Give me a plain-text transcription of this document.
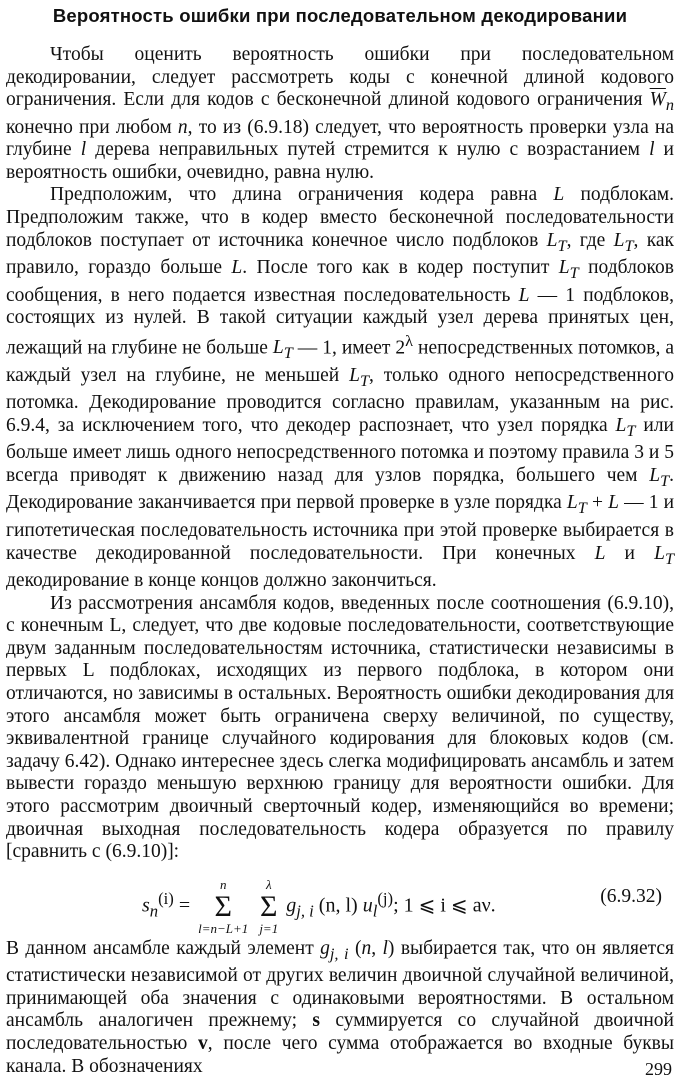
Вероятность ошибки при последовательном декодировании

Чтобы оценить вероятность ошибки при последовательном декодировании, следует рассмотреть коды с конечной длиной кодового ограничения. Если для кодов с бесконечной длиной кодового ограничения $\overline{W}_n$ конечно при любом n, то из (6.9.18) следует, что вероятность проверки узла на глубине l дерева неправильных путей стремится к нулю с возрастанием l и вероятность ошибки, очевидно, равна нулю.

Предположим, что длина ограничения кодера равна L подблокам. Предположим также, что в кодер вместо бесконечной последовательности подблоков поступает от источника конечное число подблоков $L_T$, где $L_T$, как правило, гораздо больше L. После того как в кодер поступит $L_T$ подблоков сообщения, в него подается известная последовательность L — 1 подблоков, состоящих из нулей. В такой ситуации каждый узел дерева принятых цен, лежащий на глубине не больше $L_T$ — 1, имеет $2^\lambda$ непосредственных потомков, а каждый узел на глубине, не меньшей $L_T$, только одного непосредственного потомка. Декодирование проводится согласно правилам, указанным на рис. 6.9.4, за исключением того, что декодер распознает, что узел порядка $L_T$ или больше имеет лишь одного непосредственного потомка и поэтому правила 3 и 5 всегда приводят к движению назад для узлов порядка, большего чем $L_T$. Декодирование заканчивается при первой проверке в узле порядка $L_T + L$ — 1 и гипотетическая последовательность источника при этой проверке выбирается в качестве декодированной последовательности. При конечных L и $L_T$ декодирование в конце концов должно закончиться.

Из рассмотрения ансамбля кодов, введенных после соотношения (6.9.10), с конечным L, следует, что две кодовые последовательности, соответствующие двум заданным последовательностям источника, статистически независимы в первых L подблоках, исходящих из первого подблока, в котором они отличаются, но зависимы в остальных. Вероятность ошибки декодирования для этого ансамбля может быть ограничена сверху величиной, по существу, эквивалентной границе случайного кодирования для блоковых кодов (см. задачу 6.42). Однако интереснее здесь слегка модифицировать ансамбль и затем вывести гораздо меньшую верхнюю границу для вероятности ошибки. Для этого рассмотрим двоичный сверточный кодер, изменяющийся во времени; двоичная выходная последовательность кодера образуется по правилу [сравнить с (6.9.10)]:

$s_n^{(i)}$ =
n
Σ
l=n−L+1

λ
Σ
j=1
$g_{j, i}$ (n, l) $u_l^{(j)}$; 1 ⩽ i ⩽ aν.	(6.9.32)

В данном ансамбле каждый элемент $g_{j, i}$ (n, l) выбирается так, что он является статистически независимой от других величин двоичной случайной величиной, принимающей оба значения с одинаковыми вероятностями. В остальном ансамбль аналогичен прежнему; s суммируется со случайной двоичной последовательностью v, после чего сумма отображается во входные буквы канала. В обозначениях	299
